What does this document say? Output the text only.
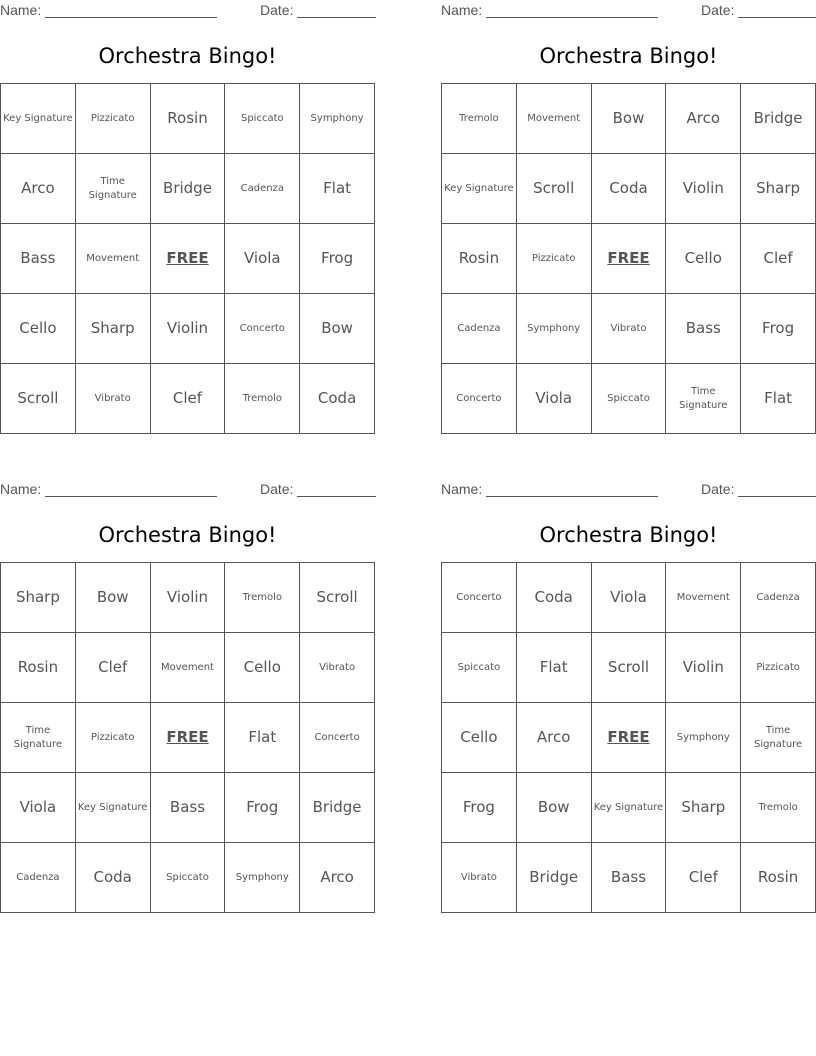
Name:	Date:
Orchestra Bingo!
Key Signature	Pizzicato	Rosin	Spiccato	Symphony
Arco	Time Signature	Bridge	Cadenza	Flat
Bass	Movement	FREE	Viola	Frog
Cello	Sharp	Violin	Concerto	Bow
Scroll	Vibrato	Clef	Tremolo	Coda
Name:	Date:
Orchestra Bingo!
Tremolo	Movement	Bow	Arco	Bridge
Key Signature	Scroll	Coda	Violin	Sharp
Rosin	Pizzicato	FREE	Cello	Clef
Cadenza	Symphony	Vibrato	Bass	Frog
Concerto	Viola	Spiccato	Time Signature	Flat
Name:	Date:
Orchestra Bingo!
Sharp	Bow	Violin	Tremolo	Scroll
Rosin	Clef	Movement	Cello	Vibrato
Time Signature	Pizzicato	FREE	Flat	Concerto
Viola	Key Signature	Bass	Frog	Bridge
Cadenza	Coda	Spiccato	Symphony	Arco
Name:	Date:
Orchestra Bingo!
Concerto	Coda	Viola	Movement	Cadenza
Spiccato	Flat	Scroll	Violin	Pizzicato
Cello	Arco	FREE	Symphony	Time Signature
Frog	Bow	Key Signature	Sharp	Tremolo
Vibrato	Bridge	Bass	Clef	Rosin
